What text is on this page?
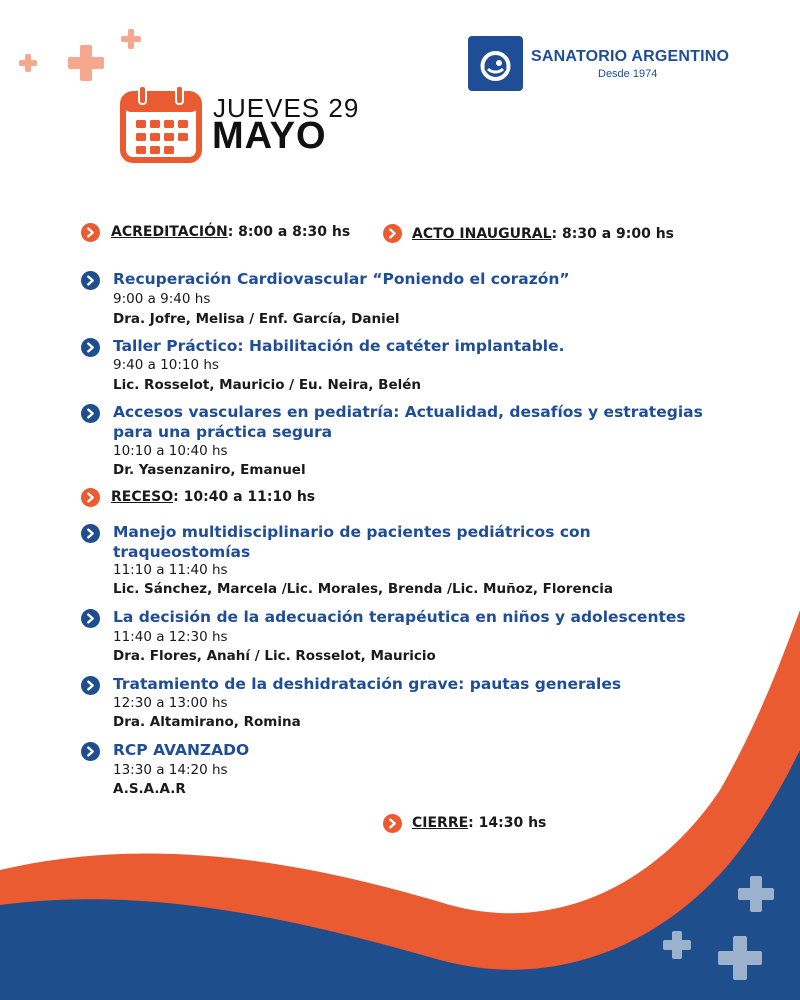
SANATORIO ARGENTINO
Desde 1974
JUEVES 29
MAYO
ACREDITACIÓN: 8:00 a 8:30 hs	ACTO INAUGURAL: 8:30 a 9:00 hs
Recuperación Cardiovascular “Poniendo el corazón”
9:00 a 9:40 hs
Dra. Jofre, Melisa / Enf. García, Daniel
Taller Práctico: Habilitación de catéter implantable.
9:40 a 10:10 hs
Lic. Rosselot, Mauricio / Eu. Neira, Belén
Accesos vasculares en pediatría: Actualidad, desafíos y estrategias
para una práctica segura
10:10 a 10:40 hs
Dr. Yasenzaniro, Emanuel
RECESO: 10:40 a 11:10 hs
Manejo multidisciplinario de pacientes pediátricos con
traqueostomías
11:10 a 11:40 hs
Lic. Sánchez, Marcela /Lic. Morales, Brenda /Lic. Muñoz, Florencia
La decisión de la adecuación terapéutica en niños y adolescentes
11:40 a 12:30 hs
Dra. Flores, Anahí / Lic. Rosselot, Mauricio
Tratamiento de la deshidratación grave: pautas generales
12:30 a 13:00 hs
Dra. Altamirano, Romina
RCP AVANZADO
13:30 a 14:20 hs
A.S.A.A.R
CIERRE: 14:30 hs
